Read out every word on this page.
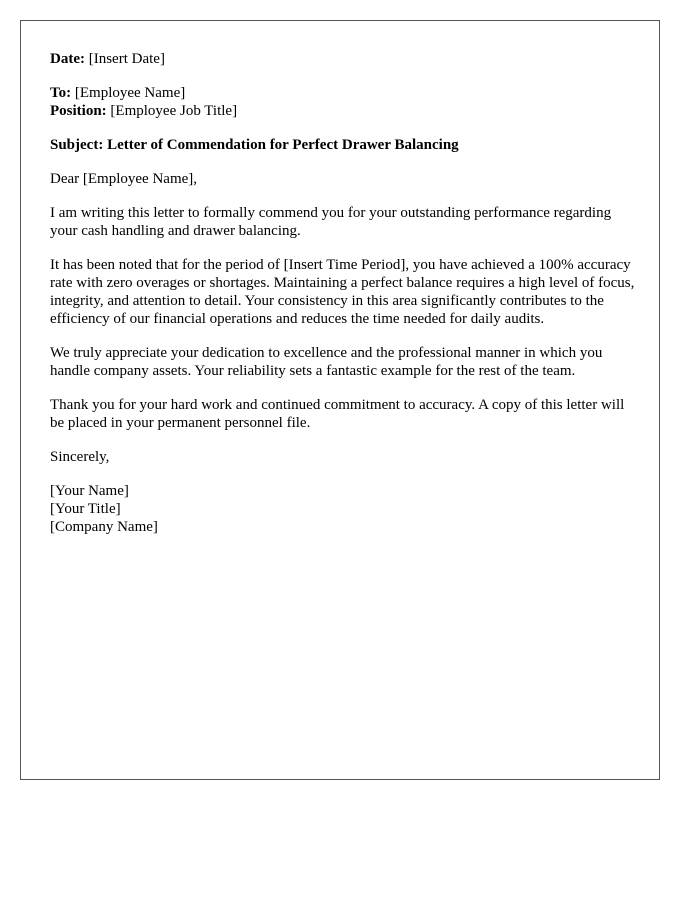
Date: [Insert Date]
To: [Employee Name]
Position: [Employee Job Title]
Subject: Letter of Commendation for Perfect Drawer Balancing
Dear [Employee Name],

I am writing this letter to formally commend you for your outstanding performance regarding your cash handling and drawer balancing.

It has been noted that for the period of [Insert Time Period], you have achieved a 100% accuracy rate with zero overages or shortages. Maintaining a perfect balance requires a high level of focus, integrity, and attention to detail. Your consistency in this area significantly contributes to the efficiency of our financial operations and reduces the time needed for daily audits.

We truly appreciate your dedication to excellence and the professional manner in which you handle company assets. Your reliability sets a fantastic example for the rest of the team.

Thank you for your hard work and continued commitment to accuracy. A copy of this letter will be placed in your permanent personnel file.

Sincerely,
[Your Name]
[Your Title]
[Company Name]
